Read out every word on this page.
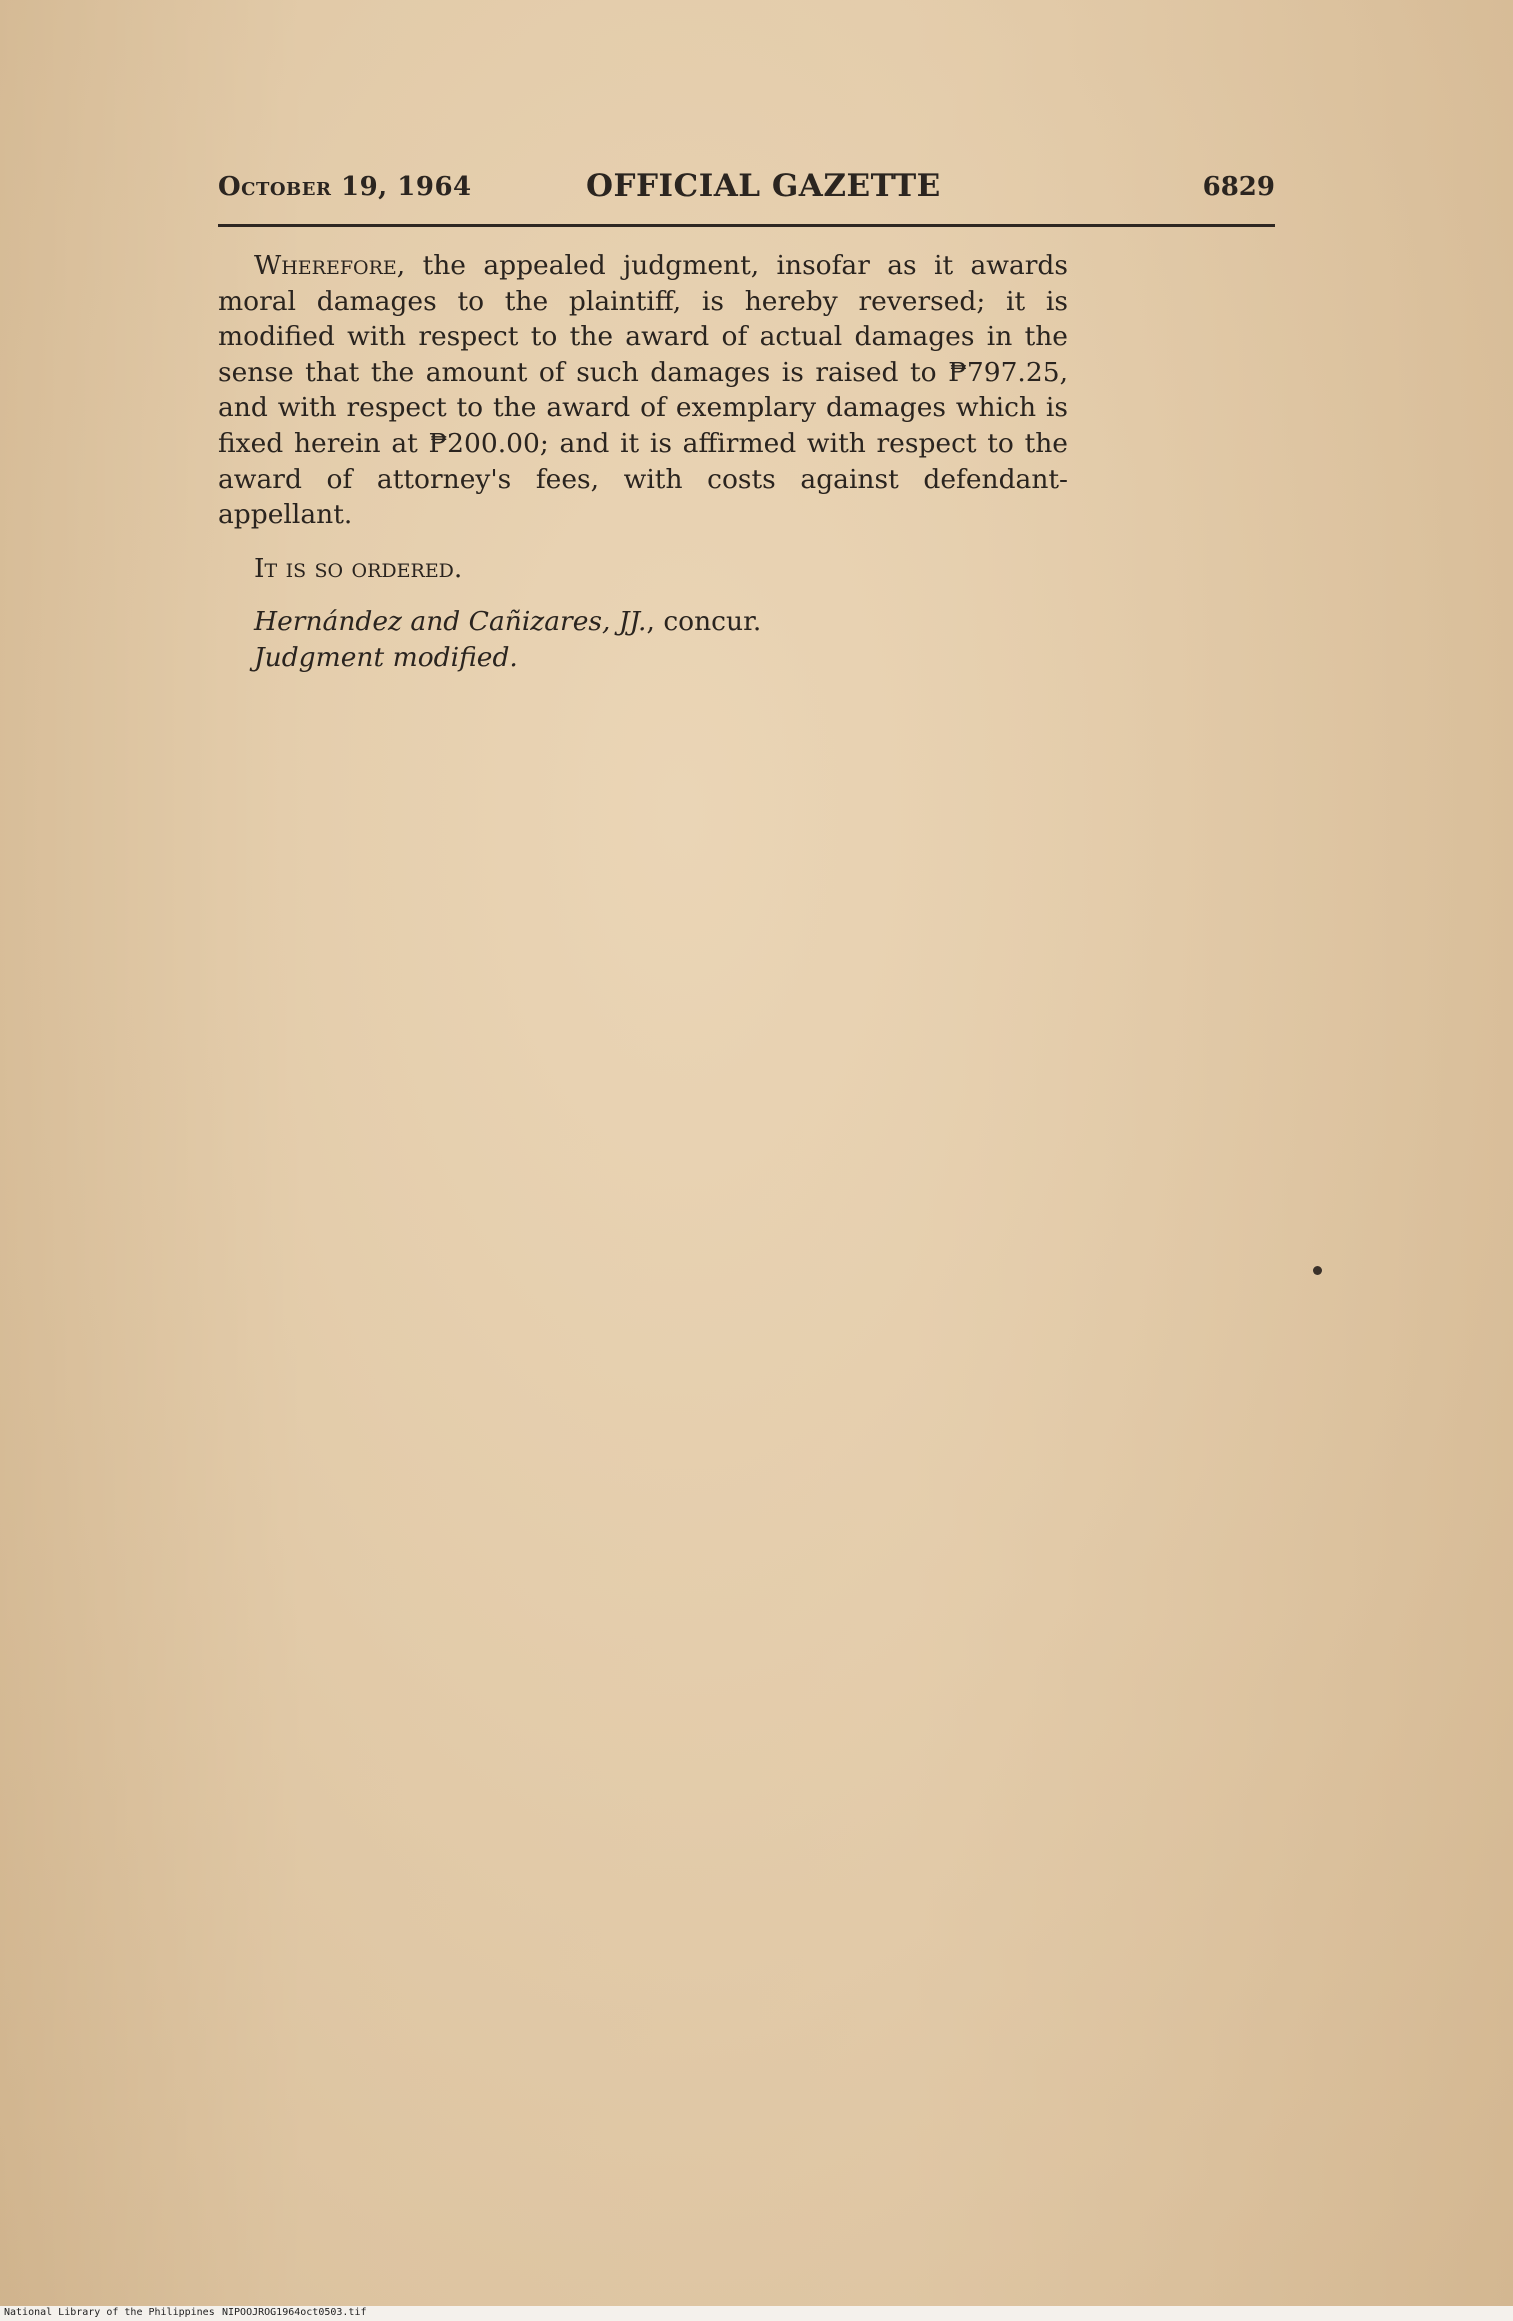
October 19, 1964	OFFICIAL GAZETTE	6829

Wherefore, the appealed judgment, insofar as it awards moral damages to the plaintiff, is hereby reversed; it is modified with respect to the award of actual damages in the sense that the amount of such damages is raised to ₱797.25, and with respect to the award of exemplary damages which is fixed herein at ₱200.00; and it is affirmed with respect to the award of attorney's fees, with costs against defendant-appellant.

It is so ordered.

Hernández and Cañizares, JJ., concur.

Judgment modified.

National Library of the Philippines NIPOOJROG1964oct0503.tif
